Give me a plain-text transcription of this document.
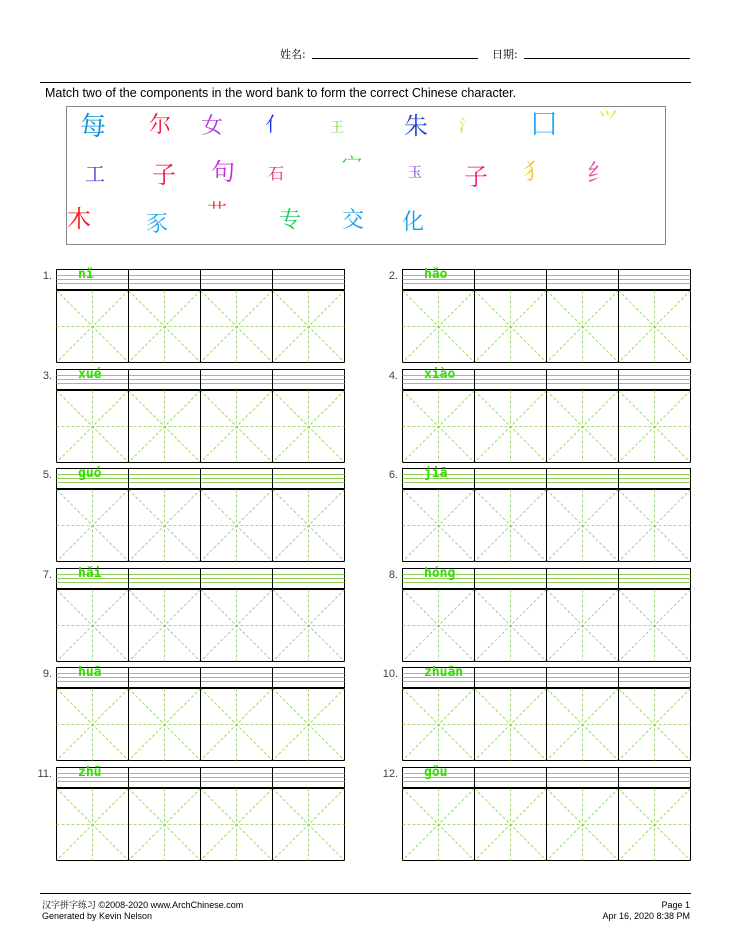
姓名:	日期:
Match two of the components in the word bank to form the correct Chinese character.
每 尔 女 亻	王	朱 氵 囗 ⺍
工 子 句 石	宀	玉 子 犭 纟
木 豕
艹 专 交 化
1. nǐ	2. hǎo
3. xué	4. xiào
5. guó	6. jiā
7. hǎi	8. hóng
9. huā	10. zhuān
11. zhū	12. gǒu
汉字拼字练习 ©2008-2020 www.ArchChinese.com
Generated by Kevin Nelson
Page 1
Apr 16, 2020 8:38 PM
